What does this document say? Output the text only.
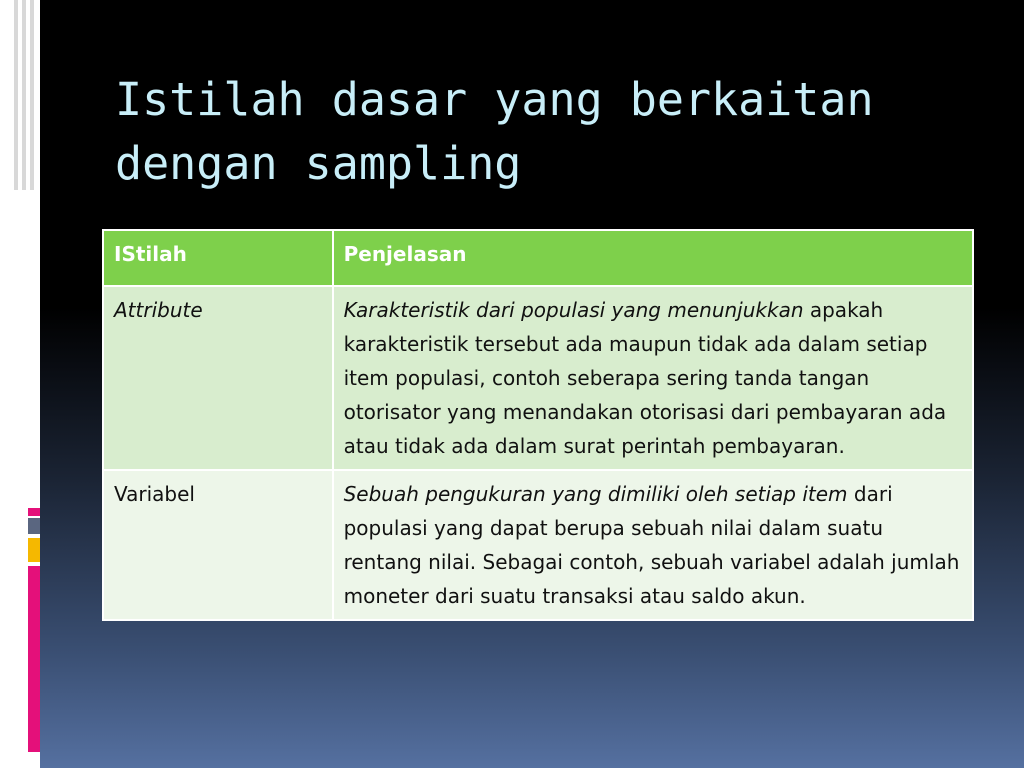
Istilah dasar yang berkaitan dengan sampling
IStilah	Penjelasan
Attribute	Karakteristik dari populasi yang menunjukkan apakah karakteristik tersebut ada maupun tidak ada dalam setiap item populasi, contoh seberapa sering tanda tangan otorisator yang menandakan otorisasi dari pembayaran ada atau tidak ada dalam surat perintah pembayaran.
Variabel	Sebuah pengukuran yang dimiliki oleh setiap item dari populasi yang dapat berupa sebuah nilai dalam suatu rentang nilai. Sebagai contoh, sebuah variabel adalah jumlah moneter dari suatu transaksi atau saldo akun.
